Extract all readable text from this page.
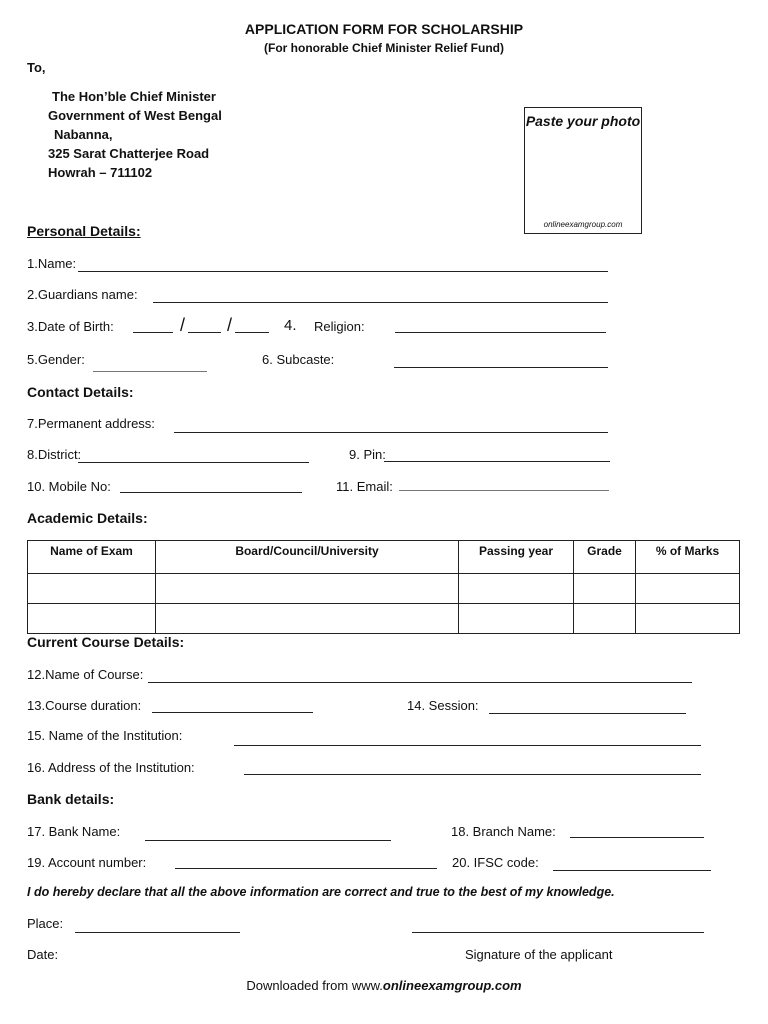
APPLICATION FORM FOR SCHOLARSHIP
(For honorable Chief Minister Relief Fund)
To,
The Hon’ble Chief Minister
Government of West Bengal
Nabanna,
325 Sarat Chatterjee Road
Howrah – 711102
Paste your photo
onlineexamgroup.com
Personal Details:
1.Name:
2.Guardians name:
3.Date of Birth:	/ /	4. Religion:
5.Gender:	6. Subcaste:
Contact Details:
7.Permanent address:
8.District:	9. Pin:
10. Mobile No:	11. Email:
Academic Details:
Name of Exam	Board/Council/University	Passing year	Grade	% of Marks

Current Course Details:
12.Name of Course:
13.Course duration:	14. Session:
15. Name of the Institution:
16. Address of the Institution:
Bank details:
17. Bank Name:	18. Branch Name:
19. Account number:	20. IFSC code:
I do hereby declare that all the above information are correct and true to the best of my knowledge.
Place:
Date:	Signature of the applicant
Downloaded from www.onlineexamgroup.com
